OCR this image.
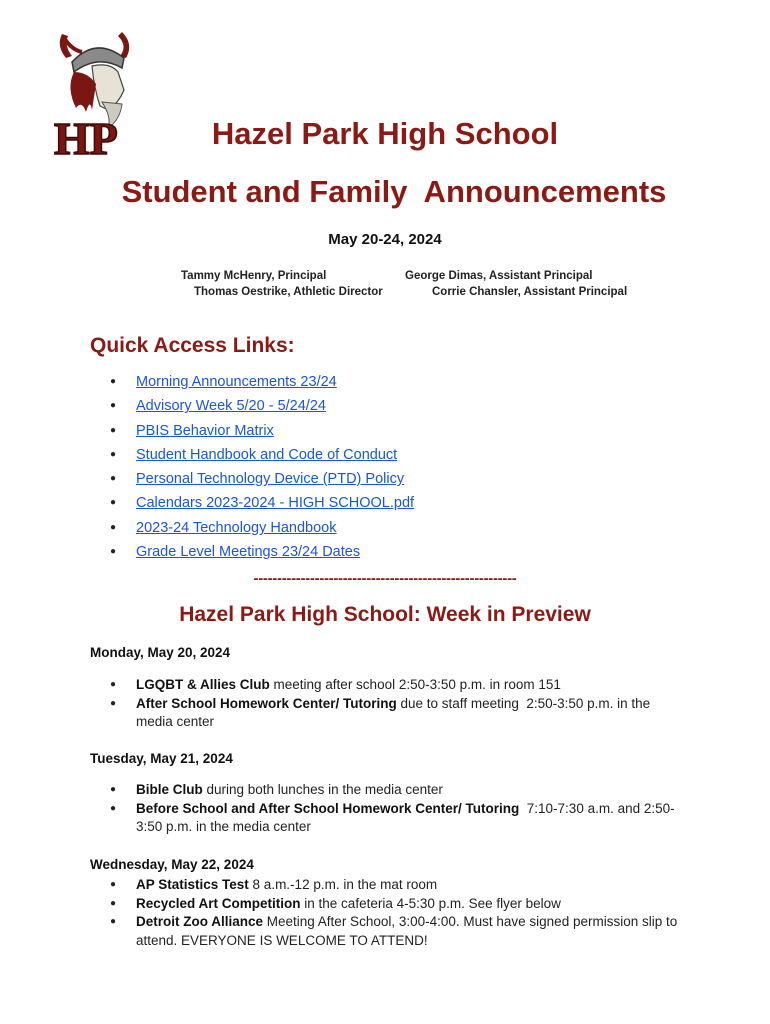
HP	Hazel Park High School
Student and Family  Announcements
May 20-24, 2024
Tammy McHenry, Principal	George Dimas, Assistant Principal
Thomas Oestrike, Athletic Director	Corrie Chansler, Assistant Principal
Quick Access Links:
● Morning Announcements 23/24
● Advisory Week 5/20 - 5/24/24
● PBIS Behavior Matrix
● Student Handbook and Code of Conduct
● Personal Technology Device (PTD) Policy
● Calendars 2023-2024 - HIGH SCHOOL.pdf
● 2023-24 Technology Handbook
● Grade Level Meetings 23/24 Dates
--------------------------------------------------------
Hazel Park High School: Week in Preview
Monday, May 20, 2024
● LGQBT & Allies Club meeting after school 2:50-3:50 p.m. in room 151
● After School Homework Center/ Tutoring due to staff meeting  2:50-3:50 p.m. in the media center
Tuesday, May 21, 2024
● Bible Club during both lunches in the media center
● Before School and After School Homework Center/ Tutoring  7:10-7:30 a.m. and 2:50-3:50 p.m. in the media center
Wednesday, May 22, 2024
● AP Statistics Test 8 a.m.-12 p.m. in the mat room
● Recycled Art Competition in the cafeteria 4-5:30 p.m. See flyer below
● Detroit Zoo Alliance Meeting After School, 3:00-4:00. Must have signed permission slip to attend. EVERYONE IS WELCOME TO ATTEND!
